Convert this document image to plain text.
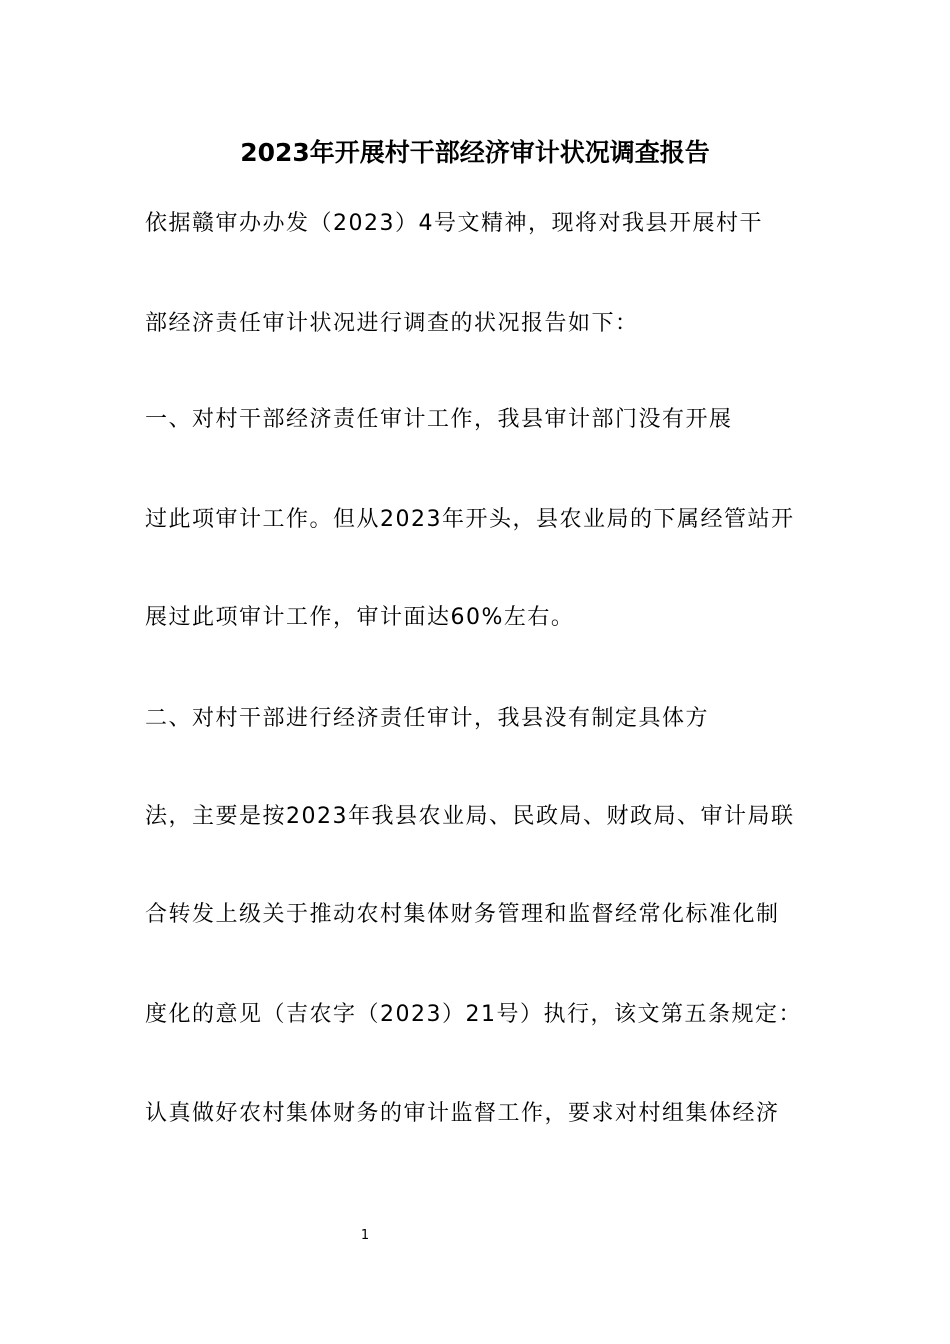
2023年开展村干部经济审计状况调查报告
依据赣审办办发（2023）4号文精神，现将对我县开展村干
部经济责任审计状况进行调查的状况报告如下：
一、对村干部经济责任审计工作，我县审计部门没有开展
过此项审计工作。但从2023年开头，县农业局的下属经管站开
展过此项审计工作，审计面达60%左右。
二、对村干部进行经济责任审计，我县没有制定具体方
法，主要是按2023年我县农业局、民政局、财政局、审计局联
合转发上级关于推动农村集体财务管理和监督经常化标准化制
度化的意见（吉农字（2023）21号）执行，该文第五条规定：
认真做好农村集体财务的审计监督工作，要求对村组集体经济
1
